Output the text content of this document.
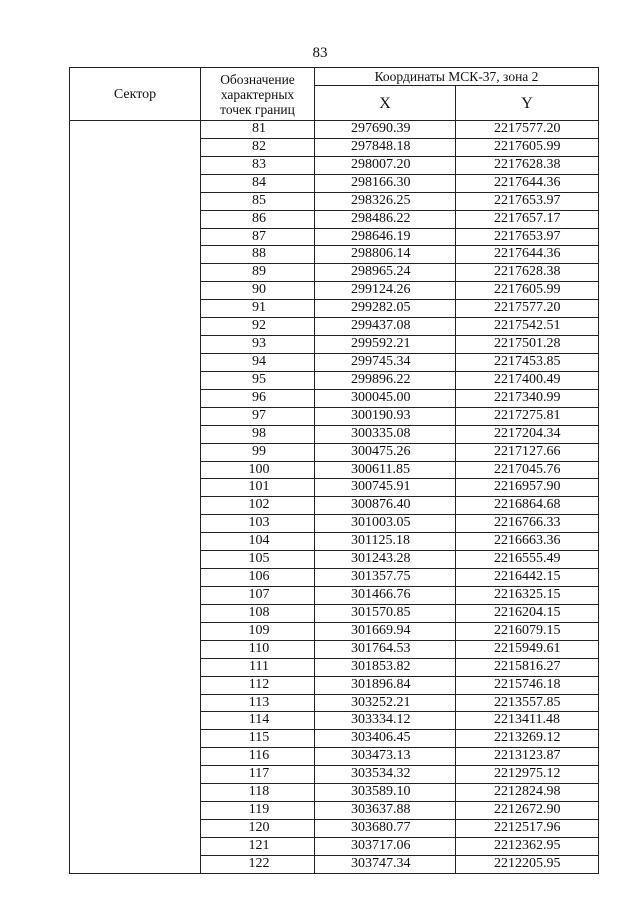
83
Сектор	Обозначение
характерных
точек границ	Координаты МСК-37, зона 2	
		X	Y
	81	297690.39	2217577.20
	82	297848.18	2217605.99
	83	298007.20	2217628.38
	84	298166.30	2217644.36
	85	298326.25	2217653.97
	86	298486.22	2217657.17
	87	298646.19	2217653.97
	88	298806.14	2217644.36
	89	298965.24	2217628.38
	90	299124.26	2217605.99
	91	299282.05	2217577.20
	92	299437.08	2217542.51
	93	299592.21	2217501.28
	94	299745.34	2217453.85
	95	299896.22	2217400.49
	96	300045.00	2217340.99
	97	300190.93	2217275.81
	98	300335.08	2217204.34
	99	300475.26	2217127.66
	100	300611.85	2217045.76
	101	300745.91	2216957.90
	102	300876.40	2216864.68
	103	301003.05	2216766.33
	104	301125.18	2216663.36
	105	301243.28	2216555.49
	106	301357.75	2216442.15
	107	301466.76	2216325.15
	108	301570.85	2216204.15
	109	301669.94	2216079.15
	110	301764.53	2215949.61
	111	301853.82	2215816.27
	112	301896.84	2215746.18
	113	303252.21	2213557.85
	114	303334.12	2213411.48
	115	303406.45	2213269.12
	116	303473.13	2213123.87
	117	303534.32	2212975.12
	118	303589.10	2212824.98
	119	303637.88	2212672.90
	120	303680.77	2212517.96
	121	303717.06	2212362.95
	122	303747.34	2212205.95
